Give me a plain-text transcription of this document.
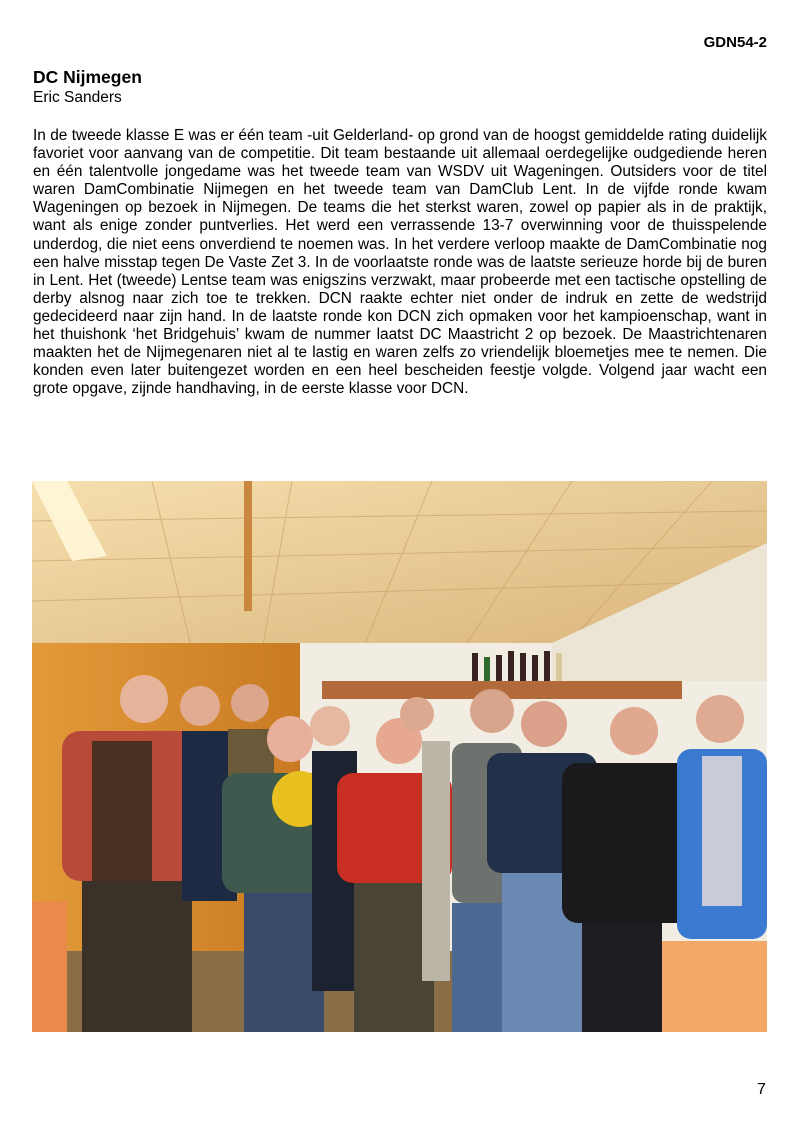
GDN54-2
DC Nijmegen
Eric Sanders

In de tweede klasse E was er één team -uit Gelderland- op grond van de hoogst gemiddelde rating duidelijk favoriet voor aanvang van de competitie. Dit team bestaande uit allemaal oerdegelijke oudgediende heren en één talentvolle jongedame was het tweede team van WSDV uit Wageningen. Outsiders voor de titel waren DamCombinatie Nijmegen en het tweede team van DamClub Lent. In de vijfde ronde kwam Wageningen op bezoek in Nijmegen. De teams die het sterkst waren, zowel op papier als in de praktijk, want als enige zonder puntverlies. Het werd een verrassende 13-7 overwinning voor de thuisspelende underdog, die niet eens onverdiend te noemen was. In het verdere verloop maakte de DamCombinatie nog een halve misstap tegen De Vaste Zet 3. In de voorlaatste ronde was de laatste serieuze horde bij de buren in Lent. Het (tweede) Lentse team was enigszins verzwakt, maar probeerde met een tactische opstelling de derby alsnog naar zich toe te trekken. DCN raakte echter niet onder de indruk en zette de wedstrijd gedecideerd naar zijn hand. In de laatste ronde kon DCN zich opmaken voor het kampioenschap, want in het thuishonk ‘het Bridgehuis’ kwam de nummer laatst DC Maastricht 2 op bezoek. De Maastrichtenaren maakten het de Nijmegenaren niet al te lastig en waren zelfs zo vriendelijk bloemetjes mee te nemen. Die konden even later buitengezet worden en een heel bescheiden feestje volgde. Volgend jaar wacht een grote opgave, zijnde handhaving, in de eerste klasse voor DCN.

7
